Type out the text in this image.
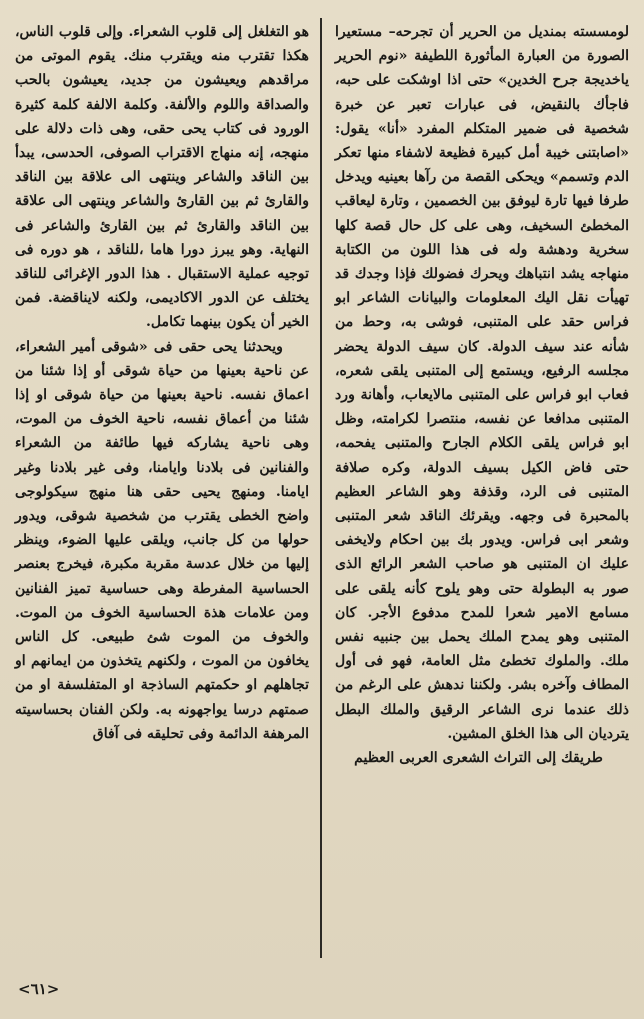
لومسسته بمنديل من الحرير أن تجرحه– مستعيرا الصورة من العبارة المأثورة اللطيفة «نوم الحرير ياخديجة جرح الخدين» حتى اذا اوشكت على حبه، فاجأك بالنقيض، فى عبارات تعبر عن خبرة شخصية فى ضمير المتكلم المفرد «أنا» يقول: «اصابتنى خيبة أمل كبيرة فظيعة لاشفاء منها تعكر الدم وتسمم» ويحكى القصة من رآها بعينيه ويدخل طرفا فيها تارة ليوفق بين الخصمين ، وتارة ليعاقب المخطئ السخيف، وهى على كل حال قصة كلها سخرية ودهشة وله فى هذا اللون من الكتابة منهاجه يشد انتباهك ويحرك فضولك فإذا وجدك قد تهيأت نقل اليك المعلومات والبيانات الشاعر ابو فراس حقد على المتنبى، فوشى به، وحط من شأنه عند سيف الدولة. كان سيف الدولة يحضر مجلسه الرفيع، ويستمع إلى المتنبى يلقى شعره، فعاب ابو فراس على المتنبى مالايعاب، وأهانة ورد المتنبى مدافعا عن نفسه، منتصرا لكرامته، وظل ابو فراس يلقى الكلام الجارح والمتنبى يفحمه، حتى فاض الكيل بسيف الدولة، وكره صلافة المتنبى فى الرد، وقذفة وهو الشاعر العظيم بالمحبرة فى وجهه. ويقرئك الناقد شعر المتنبى وشعر ابى فراس. ويدور بك بين احكام ولايخفى عليك ان المتنبى هو صاحب الشعر الرائع الذى صور به البطولة حتى وهو يلوح كأنه يلقى على مسامع الامير شعرا للمدح مدفوع الأجر. كان المتنبى وهو يمدح الملك يحمل بين جنبيه نفس ملك. والملوك تخطئ مثل العامة، فهو فى أول المطاف وآخره بشر. ولكننا ندهش على الرغم من ذلك عندما نرى الشاعر الرقيق والملك البطل يترديان الى هذا الخلق المشين.

طريقك إلى التراث الشعرى العربى العظيم

هو التغلغل إلى قلوب الشعراء. وإلى قلوب الناس، هكذا تقترب منه ويقترب منك. يقوم الموتى من مراقدهم ويعيشون من جديد، يعيشون بالحب والصداقة واللوم والألفة. وكلمة الالفة كلمة كثيرة الورود فى كتاب يحى حقى، وهى ذات دلالة على منهجه، إنه منهاج الاقتراب الصوفى، الحدسى، يبدأ بين الناقد والشاعر وينتهى الى علاقة بين الناقد والقارئ ثم بين القارئ والشاعر وينتهى الى علاقة بين الناقد والقارئ ثم بين القارئ والشاعر فى النهاية. وهو يبرز دورا هاما ،للناقد ، هو دوره فى توجيه عملية الاستقبال . هذا الدور الإغرائى للناقد يختلف عن الدور الاكاديمى، ولكنه لايناقضة. فمن الخير أن يكون بينهما تكامل.

ويحدثنا يحى حقى فى «شوقى أمير الشعراء، عن ناحية بعينها من حياة شوقى أو إذا شئنا من اعماق نفسه. ناحية بعينها من حياة شوقى او إذا شئنا من أعماق نفسه، ناحية الخوف من الموت، وهى ناحية يشاركه فيها طائفة من الشعراء والفنانين فى بلادنا وايامنا، وفى غير بلادنا وغير ايامنا. ومنهج يحيى حقى هنا منهج سيكولوجى واضح الخطى يقترب من شخصية شوقى، ويدور حولها من كل جانب، ويلقى عليها الضوء، وينظر إليها من خلال عدسة مقربة مكبرة، فيخرج بعنصر الحساسية المفرطة وهى حساسية تميز الفنانين ومن علامات هذة الحساسية الخوف من الموت. والخوف من الموت شئ طبيعى. كل الناس يخافون من الموت ، ولكنهم يتخذون من ايمانهم او تجاهلهم او حكمتهم الساذجة او المتفلسفة او من صمتهم درسا يواجهونه به. ولكن الفنان بحساسيته المرهفة الدائمة وفى تحليقه فى آفاق

<٦١>
